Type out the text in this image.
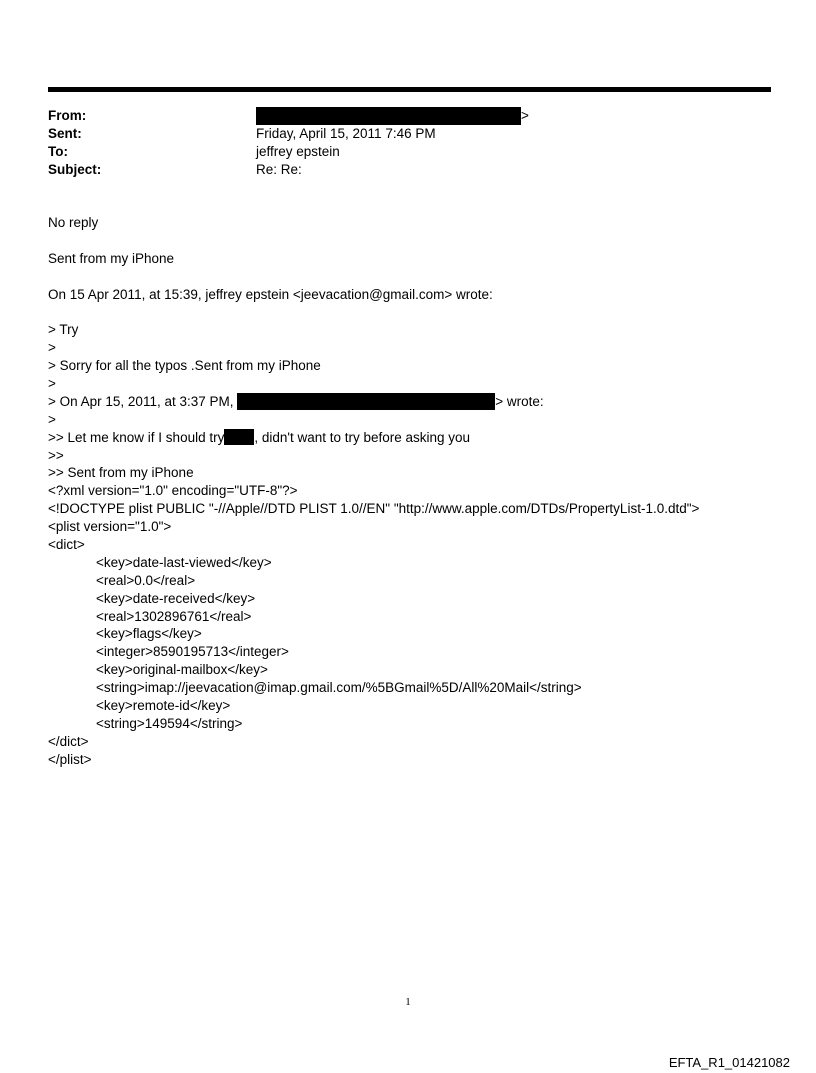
From:	>
Sent:	Friday, April 15, 2011 7:46 PM
To:	jeffrey epstein
Subject:	Re: Re:
No reply
Sent from my iPhone
On 15 Apr 2011, at 15:39, jeffrey epstein <jeevacation@gmail.com> wrote:
> Try
>
> Sorry for all the typos .Sent from my iPhone
>
> On Apr 15, 2011, at 3:37 PM,	> wrote:
>
>> Let me know if I should try , didn't want to try before asking you
>>
>> Sent from my iPhone
<?xml version="1.0" encoding="UTF-8"?>
<!DOCTYPE plist PUBLIC "-//Apple//DTD PLIST 1.0//EN" "http://www.apple.com/DTDs/PropertyList-1.0.dtd">
<plist version="1.0">
<dict>
<key>date-last-viewed</key>
<real>0.0</real>
<key>date-received</key>
<real>1302896761</real>
<key>flags</key>
<integer>8590195713</integer>
<key>original-mailbox</key>
<string>imap://jeevacation@imap.gmail.com/%5BGmail%5D/All%20Mail</string>
<key>remote-id</key>
<string>149594</string>
</dict>
</plist>
1
EFTA_R1_01421082
